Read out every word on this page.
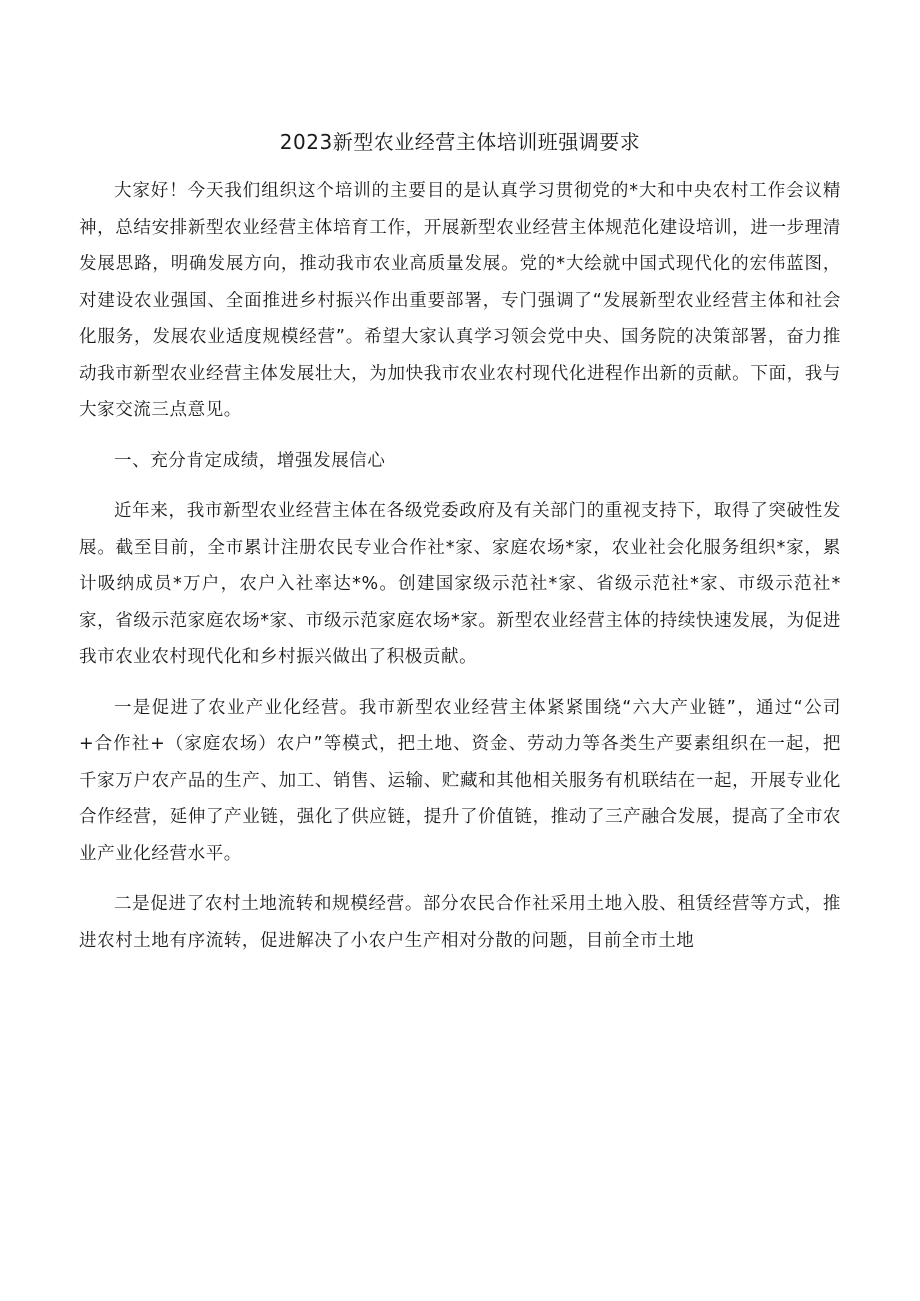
2023新型农业经营主体培训班强调要求

大家好！今天我们组织这个培训的主要目的是认真学习贯彻党的*大和中央农村工作会议精神，总结安排新型农业经营主体培育工作，开展新型农业经营主体规范化建设培训，进一步理清发展思路，明确发展方向，推动我市农业高质量发展。党的*大绘就中国式现代化的宏伟蓝图，对建设农业强国、全面推进乡村振兴作出重要部署，专门强调了“发展新型农业经营主体和社会化服务，发展农业适度规模经营”。希望大家认真学习领会党中央、国务院的决策部署，奋力推动我市新型农业经营主体发展壮大，为加快我市农业农村现代化进程作出新的贡献。下面，我与大家交流三点意见。

一、充分肯定成绩，增强发展信心

近年来，我市新型农业经营主体在各级党委政府及有关部门的重视支持下，取得了突破性发展。截至目前，全市累计注册农民专业合作社*家、家庭农场*家，农业社会化服务组织*家，累计吸纳成员*万户，农户入社率达*%。创建国家级示范社*家、省级示范社*家、市级示范社*家，省级示范家庭农场*家、市级示范家庭农场*家。新型农业经营主体的持续快速发展，为促进我市农业农村现代化和乡村振兴做出了积极贡献。

一是促进了农业产业化经营。我市新型农业经营主体紧紧围绕“六大产业链”，通过“公司+合作社+（家庭农场）农户”等模式，把土地、资金、劳动力等各类生产要素组织在一起，把千家万户农产品的生产、加工、销售、运输、贮藏和其他相关服务有机联结在一起，开展专业化合作经营，延伸了产业链，强化了供应链，提升了价值链，推动了三产融合发展，提高了全市农业产业化经营水平。

二是促进了农村土地流转和规模经营。部分农民合作社采用土地入股、租赁经营等方式，推进农村土地有序流转，促进解决了小农户生产相对分散的问题，目前全市土地
